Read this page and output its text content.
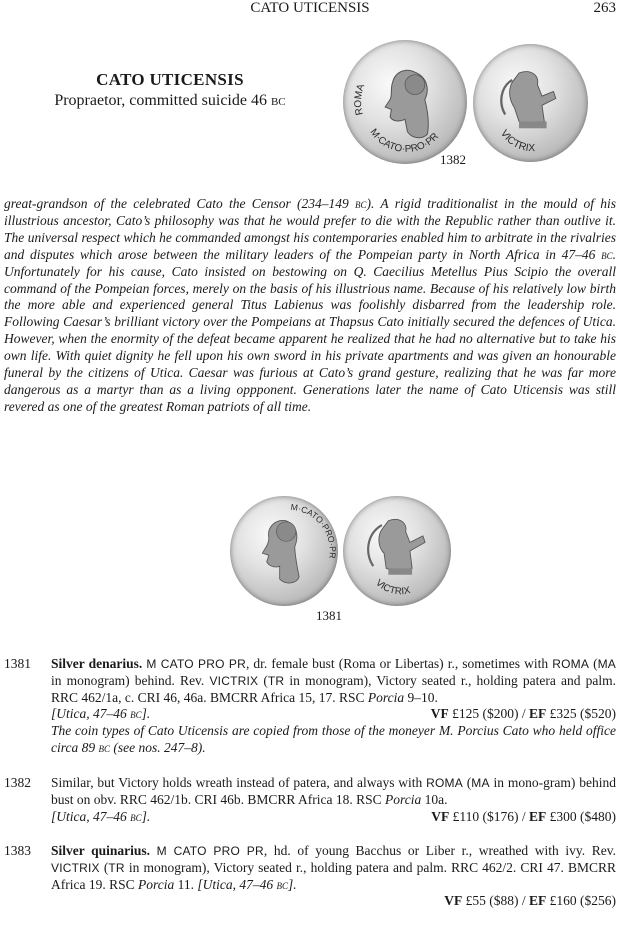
CATO UTICENSIS	263
CATO UTICENSIS
Propraetor, committed suicide 46 bc
ROMA
M·CATO·PRO·PR	VICTRIX
1382

great-grandson of the celebrated Cato the Censor (234–149 bc). A rigid traditionalist in the mould of his illustrious ancestor, Cato’s philosophy was that he would prefer to die with the Republic rather than outlive it. The universal respect which he commanded amongst his contemporaries enabled him to arbitrate in the rivalries and disputes which arose between the military leaders of the Pompeian party in North Africa in 47–46 bc. Unfortunately for his cause, Cato insisted on bestowing on Q. Caecilius Metellus Pius Scipio the overall command of the Pompeian forces, merely on the basis of his illustrious name. Because of his relatively low birth the more able and experienced general Titus Labienus was foolishly disbarred from the leadership role. Following Caesar’s brilliant victory over the Pompeians at Thapsus Cato initially secured the defences of Utica. However, when the enormity of the defeat became apparent he realized that he had no alternative but to take his own life. With quiet dignity he fell upon his own sword in his private apartments and was given an honourable funeral by the citizens of Utica. Caesar was furious at Cato’s grand gesture, realizing that he was far more dangerous as a martyr than as a living oppponent. Generations later the name of Cato Uticensis was still revered as one of the greatest Roman patriots of all time.

M·CATO·PRO·PR
VICTRIX
1381
1381 Silver denarius. M CATO PRO PR, dr. female bust (Roma or Libertas) r., sometimes with ROMA (MA in monogram) behind. Rev. VICTRIX (TR in monogram), Victory seated r., holding patera and palm. RRC 462/1a, c. CRI 46, 46a. BMCRR Africa 15, 17. RSC Porcia 9–10.
[Utica, 47–46 bc].	VF £125 ($200) / EF £325 ($520)
The coin types of Cato Uticensis are copied from those of the moneyer M. Porcius Cato who held office circa 89 bc (see nos. 247–8).
1382 Similar, but Victory holds wreath instead of patera, and always with ROMA (MA in mono-gram) behind bust on obv. RRC 462/1b. CRI 46b. BMCRR Africa 18. RSC Porcia 10a.
[Utica, 47–46 bc].	VF £110 ($176) / EF £300 ($480)
1383 Silver quinarius. M CATO PRO PR, hd. of young Bacchus or Liber r., wreathed with ivy. Rev. VICTRIX (TR in monogram), Victory seated r., holding patera and palm. RRC 462/2. CRI 47. BMCRR Africa 19. RSC Porcia 11. [Utica, 47–46 bc].
VF £55 ($88) / EF £160 ($256)
